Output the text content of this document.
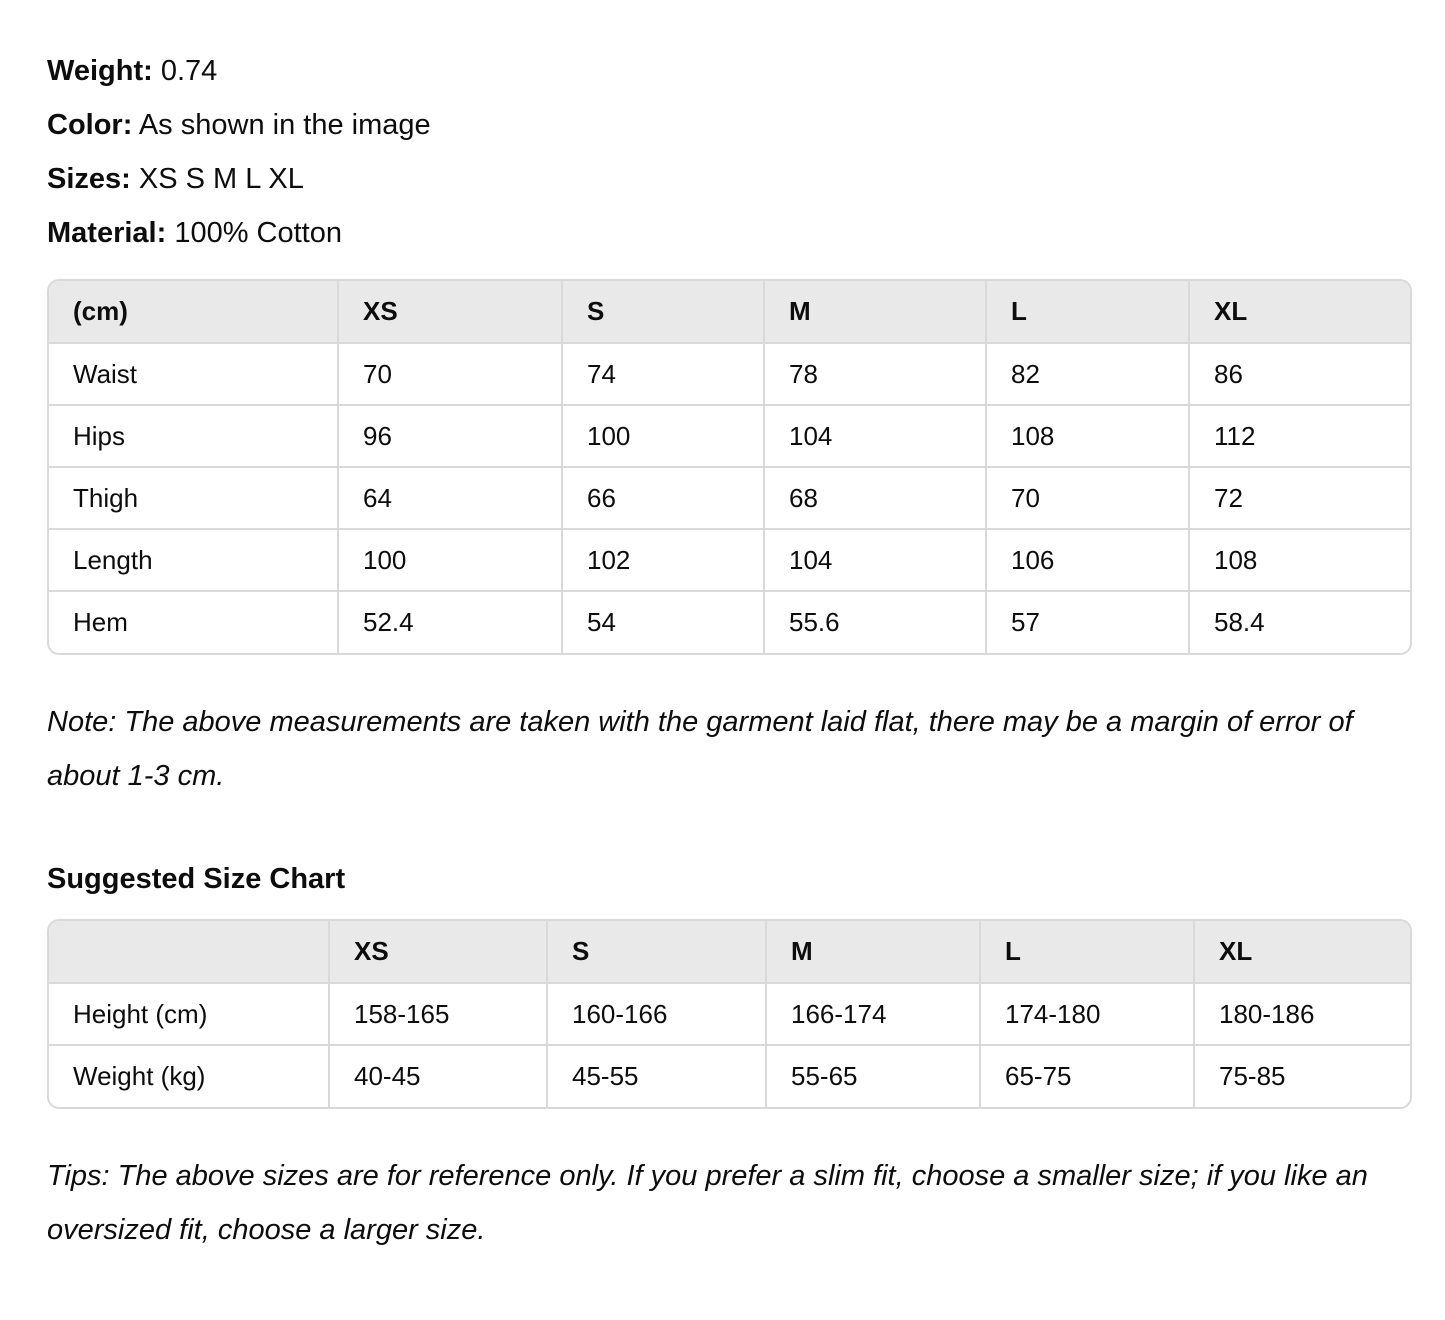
Weight: 0.74
Color: As shown in the image
Sizes: XS S M L XL
Material: 100% Cotton
(cm)	XS	S	M	L	XL
Waist	70	74	78	82	86
Hips	96	100	104	108	112
Thigh	64	66	68	70	72
Length	100	102	104	106	108
Hem	52.4	54	55.6	57	58.4
Note: The above measurements are taken with the garment laid flat, there may be a margin of error of about 1-3 cm.
Suggested Size Chart
	XS	S	M	L	XL
Height (cm)	158-165	160-166	166-174	174-180	180-186
Weight (kg)	40-45	45-55	55-65	65-75	75-85
Tips: The above sizes are for reference only. If you prefer a slim fit, choose a smaller size; if you like an oversized fit, choose a larger size.
